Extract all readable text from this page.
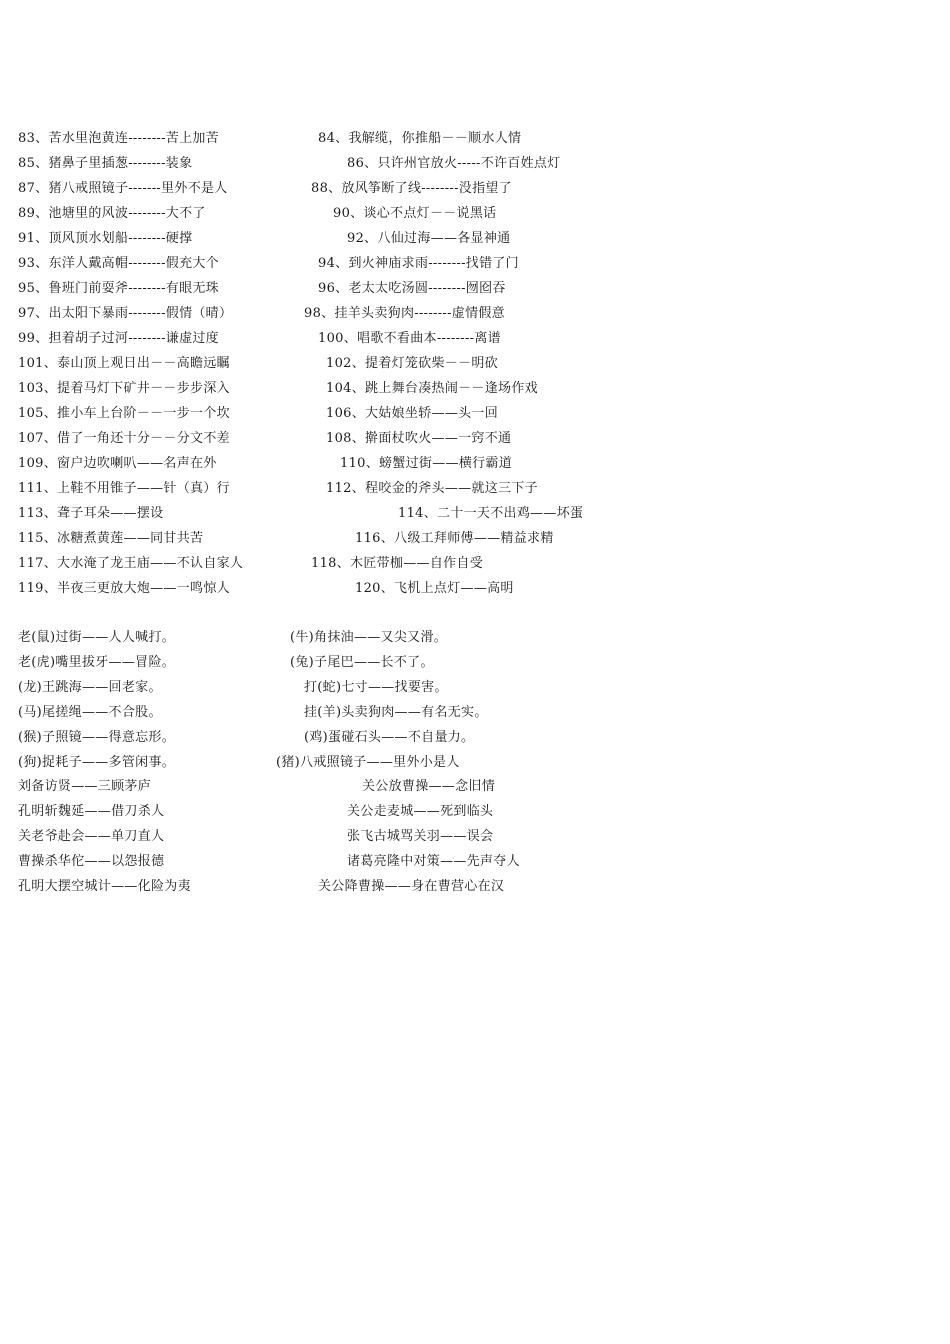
83、苦水里泡黄连--------苦上加苦
85、猪鼻子里插葱--------装象
87、猪八戒照镜子-------里外不是人
89、池塘里的风波--------大不了
91、顶风顶水划船--------硬撑
93、东洋人戴高帽--------假充大个
95、鲁班门前耍斧--------有眼无珠
97、出太阳下暴雨--------假情（晴）
99、担着胡子过河--------谦虚过度
101、泰山顶上观日出－－高瞻远瞩
103、提着马灯下矿井－－步步深入
105、推小车上台阶－－一步一个坎
107、借了一角还十分－－分文不差
109、窗户边吹喇叭——名声在外
111、上鞋不用锥子——针（真）行
113、聋子耳朵——摆设
115、冰糖煮黄莲——同甘共苦
117、大水淹了龙王庙——不认自家人
119、半夜三更放大炮——一鸣惊人
84、我解缆，你推船－－顺水人情
86、只许州官放火-----不许百姓点灯
88、放风筝断了线--------没指望了
90、谈心不点灯－－说黑话
92、八仙过海——各显神通
94、到火神庙求雨--------找错了门
96、老太太吃汤圆--------囫囵吞
98、挂羊头卖狗肉--------虚情假意
100、唱歌不看曲本--------离谱
102、提着灯笼砍柴－－明砍
104、跳上舞台凑热闹－－逢场作戏
106、大姑娘坐轿——头一回
108、擀面杖吹火——一窍不通
110、螃蟹过街——横行霸道
112、程咬金的斧头——就这三下子
114、二十一天不出鸡——坏蛋
116、八级工拜师傅——精益求精
118、木匠带枷——自作自受
120、飞机上点灯——高明
老(鼠)过街——人人喊打。
老(虎)嘴里拔牙——冒险。
(龙)王跳海——回老家。
(马)尾搓绳——不合股。
(猴)子照镜——得意忘形。
(狗)捉耗子——多管闲事。
(牛)角抹油——又尖又滑。
(兔)子尾巴——长不了。
打(蛇)七寸——找要害。
挂(羊)头卖狗肉——有名无实。
(鸡)蛋碰石头——不自量力。
(猪)八戒照镜子——里外小是人
刘备访贤——三顾茅庐
孔明斩魏延——借刀杀人
关老爷赴会——单刀直人
曹操杀华佗——以怨报德
孔明大摆空城计——化险为夷
关公放曹操——念旧情
关公走麦城——死到临头
张飞古城骂关羽——误会
诸葛亮隆中对策——先声夺人
关公降曹操——身在曹营心在汉
